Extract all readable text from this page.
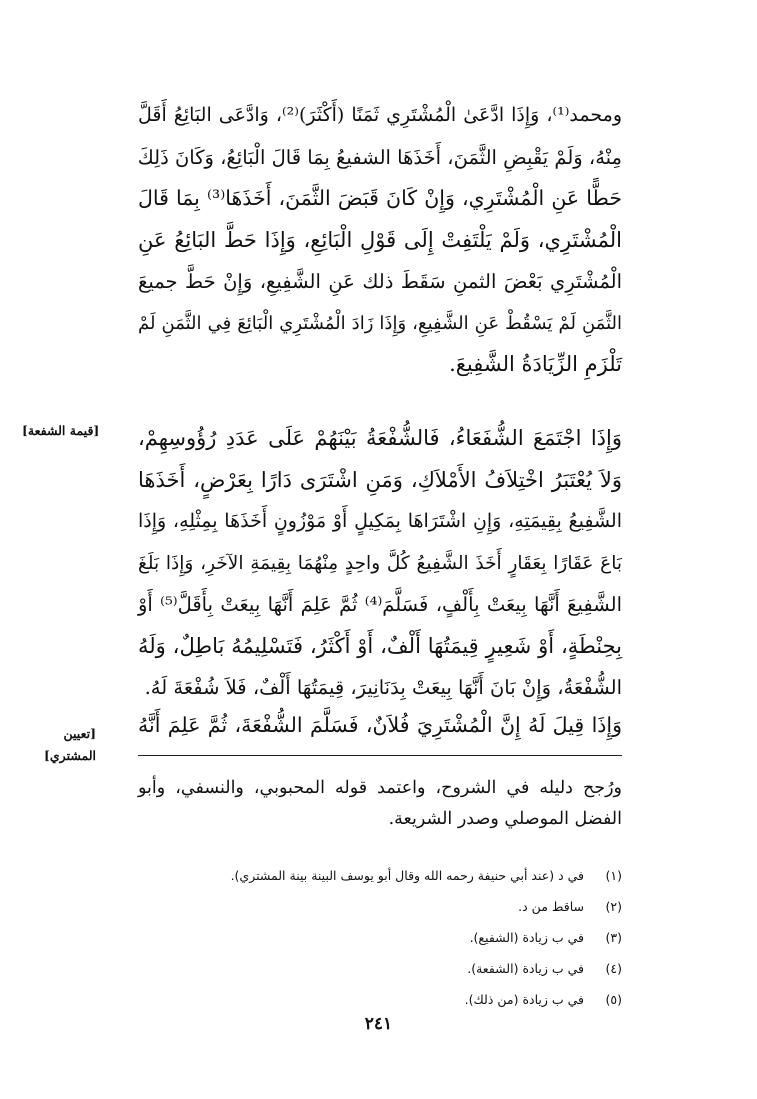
ومحمد⁽¹⁾، وَإِذَا ادَّعَىٰ الْمُشْتَرِي ثَمَنًا (أَكْثَرَ)⁽²⁾، وَادَّعَى البَائِعُ أَقَلَّ
مِنْهُ، وَلَمْ يَقْبِضِ الثَّمَنَ، أَخَذَهَا الشفيعُ بِمَا قَالَ الْبَائِعُ، وَكَانَ ذَلِكَ
حَطًّا عَنِ الْمُشْتَرِي، وَإِنْ كَانَ قَبَضَ الثَّمَنَ، أَخَذَهَا⁽³⁾ بِمَا قَالَ
الْمُشْتَرِي، وَلَمْ يَلْتَفِتْ إِلَى قَوْلِ الْبَائِعِ، وَإِذَا حَطَّ البَائِعُ عَنِ
الْمُشْتَرِي بَعْضَ الثمنِ سَقَطَ ذلك عَنِ الشَّفِيعِ، وَإِنْ حَطَّ جميعَ
الثَّمَنِ لَمْ يَسْقُطْ عَنِ الشَّفِيعِ، وَإِذَا زَادَ الْمُشْتَرِي الْبَائِعَ فِي الثَّمَنِ لَمْ
تَلْزَمِ الزِّيَادَةُ الشَّفِيعَ.
[قيمة الشفعة] وَإِذَا اجْتَمَعَ الشُّفَعَاءُ، فَالشُّفْعَةُ بَيْنَهُمْ عَلَى عَدَدِ رُؤُوسِهِمْ،
وَلاَ يُعْتَبَرُ اخْتِلاَفُ الأَمْلاَكِ، وَمَنِ اشْتَرَى دَارًا بِعَرْضٍ، أَخَذَهَا
الشَّفِيعُ بِقِيمَتِهِ، وَإِنِ اشْتَرَاهَا بِمَكِيلٍ أَوْ مَوْزُونٍ أَخَذَهَا بِمِثْلِهِ، وَإِذَا
بَاعَ عَقَارًا بِعَقَارٍ أَخَذَ الشَّفِيعُ كُلَّ واحِدٍ مِنْهُمَا بِقِيمَةِ الآخَرِ، وَإِذَا بَلَغَ
الشَّفِيعَ أَنَّهَا بِيعَتْ بِأَلْفٍ، فَسَلَّمَ⁽⁴⁾ ثُمَّ عَلِمَ أَنَّهَا بِيعَتْ بِأَقَلَّ⁽⁵⁾ أَوْ
بِحِنْطَةٍ، أَوْ شَعِيرٍ قِيمَتُهَا أَلْفٌ، أَوْ أَكْثَرُ، فَتَسْلِيمُهُ بَاطِلٌ، وَلَهُ
الشُّفْعَةُ، وَإِنْ بَانَ أَنَّهَا بِيعَتْ بِدَنَانِيرَ، قِيمَتُهَا أَلْفٌ، فَلاَ شُفْعَةَ لَهُ.
وَإِذَا قِيلَ لَهُ إِنَّ الْمُشْتَرِيَ فُلاَنٌ، فَسَلَّمَ الشُّفْعَةَ، ثُمَّ عَلِمَ أَنَّهُ
[تعيين
المشتري]
ورُجح دليله في الشروح، واعتمد قوله المحبوبي، والنسفي، وأبو
الفضل الموصلي وصدر الشريعة.
(١)في د (عند أبي حنيفة رحمه الله وقال أبو يوسف البينة بينة المشتري).
(٢)ساقط من د.
(٣)في ب زيادة (الشفيع).
(٤)في ب زيادة (الشفعة).
(٥)في ب زيادة (من ذلك).
٢٤١
